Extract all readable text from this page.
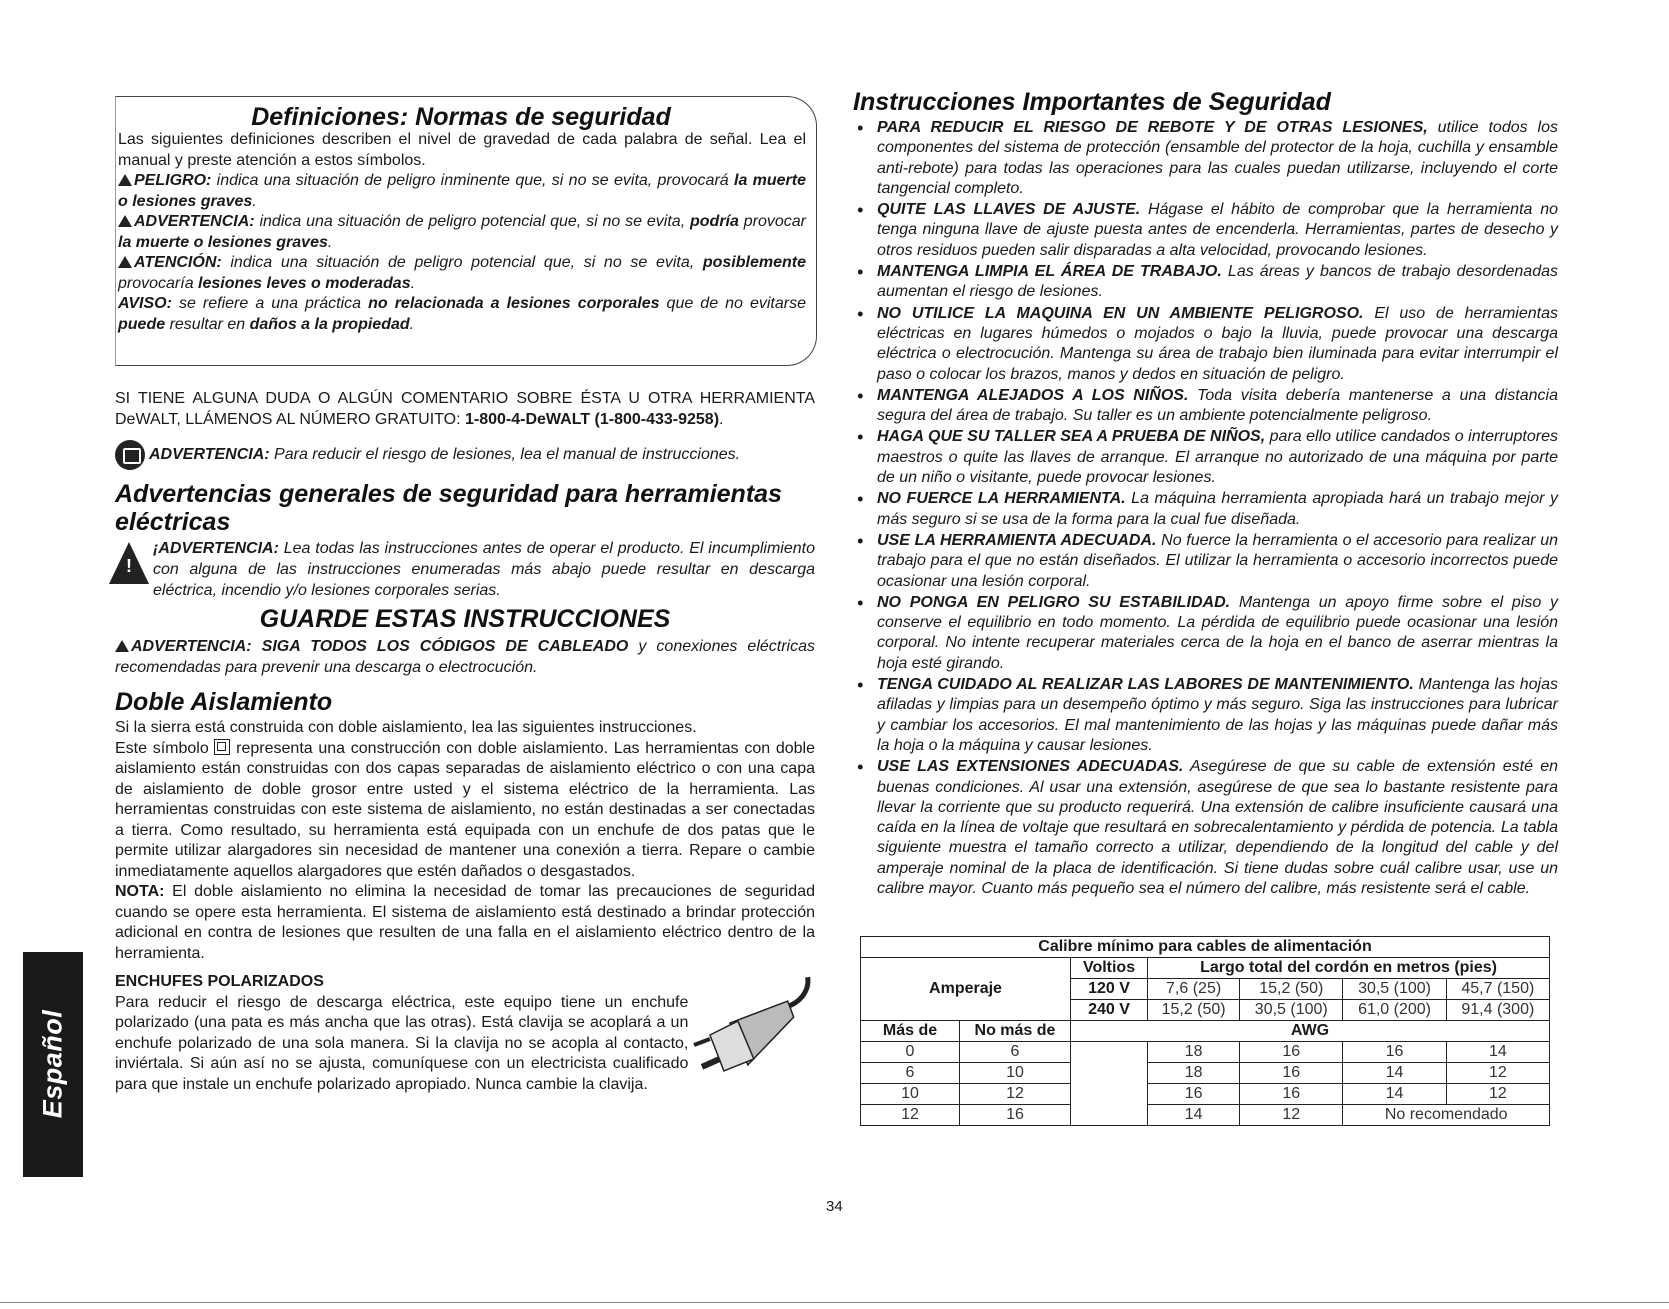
Definiciones: Normas de seguridad

Las siguientes definiciones describen el nivel de gravedad de cada palabra de señal. Lea el manual y preste atención a estos símbolos.

PELIGRO: indica una situación de peligro inminente que, si no se evita, provocará la muerte o lesiones graves.

ADVERTENCIA: indica una situación de peligro potencial que, si no se evita, podría provocar la muerte o lesiones graves.

ATENCIÓN: indica una situación de peligro potencial que, si no se evita, posiblemente provocaría lesiones leves o moderadas.

AVISO: se refiere a una práctica no relacionada a lesiones corporales que de no evitarse puede resultar en daños a la propiedad.

SI TIENE ALGUNA DUDA O ALGÚN COMENTARIO SOBRE ÉSTA U OTRA HERRAMIENTA DeWALT, LLÁMENOS AL NÚMERO GRATUITO: 1-800-4-DeWALT (1-800-433-9258).

ADVERTENCIA: Para reducir el riesgo de lesiones, lea el manual de instrucciones.

Advertencias generales de seguridad para herramientas eléctricas
!

¡ADVERTENCIA: Lea todas las instrucciones antes de operar el producto. El incumplimiento con alguna de las instrucciones enumeradas más abajo puede resultar en descarga eléctrica, incendio y/o lesiones corporales serias.

GUARDE ESTAS INSTRUCCIONES

ADVERTENCIA: SIGA TODOS LOS CÓDIGOS DE CABLEADO y conexiones eléctricas recomendadas para prevenir una descarga o electrocución.

Doble Aislamiento

Si la sierra está construida con doble aislamiento, lea las siguientes instrucciones.

Este símbolo  representa una construcción con doble aislamiento. Las herramientas con doble aislamiento están construidas con dos capas separadas de aislamiento eléctrico o con una capa de aislamiento de doble grosor entre usted y el sistema eléctrico de la herramienta. Las herramientas construidas con este sistema de aislamiento, no están destinadas a ser conectadas a tierra. Como resultado, su herramienta está equipada con un enchufe de dos patas que le permite utilizar alargadores sin necesidad de mantener una conexión a tierra. Repare o cambie inmediatamente aquellos alargadores que estén dañados o desgastados.

NOTA: El doble aislamiento no elimina la necesidad de tomar las precauciones de seguridad cuando se opere esta herramienta. El sistema de aislamiento está destinado a brindar protección adicional en contra de lesiones que resulten de una falla en el aislamiento eléctrico dentro de la herramienta.

ENCHUFES POLARIZADOS

Para reducir el riesgo de descarga eléctrica, este equipo tiene un enchufe polarizado (una pata es más ancha que las otras). Está clavija se acoplará a un enchufe polarizado de una sola manera. Si la clavija no se acopla al contacto, inviértala. Si aún así no se ajusta, comuníquese con un electricista cualificado para que instale un enchufe polarizado apropiado. Nunca cambie la clavija.

Instrucciones Importantes de Seguridad
• PARA REDUCIR EL RIESGO DE REBOTE Y DE OTRAS LESIONES, utilice todos los componentes del sistema de protección (ensamble del protector de la hoja, cuchilla y ensamble anti-rebote) para todas las operaciones para las cuales puedan utilizarse, incluyendo el corte tangencial completo.
• QUITE LAS LLAVES DE AJUSTE. Hágase el hábito de comprobar que la herramienta no tenga ninguna llave de ajuste puesta antes de encenderla. Herramientas, partes de desecho y otros residuos pueden salir disparadas a alta velocidad, provocando lesiones.
• MANTENGA LIMPIA EL ÁREA DE TRABAJO. Las áreas y bancos de trabajo desordenadas aumentan el riesgo de lesiones.
• NO UTILICE LA MAQUINA EN UN AMBIENTE PELIGROSO. El uso de herramientas eléctricas en lugares húmedos o mojados o bajo la lluvia, puede provocar una descarga eléctrica o electrocución. Mantenga su área de trabajo bien iluminada para evitar interrumpir el paso o colocar los brazos, manos y dedos en situación de peligro.
• MANTENGA ALEJADOS A LOS NIÑOS. Toda visita debería mantenerse a una distancia segura del área de trabajo. Su taller es un ambiente potencialmente peligroso.
• HAGA QUE SU TALLER SEA A PRUEBA DE NIÑOS, para ello utilice candados o interruptores maestros o quite las llaves de arranque. El arranque no autorizado de una máquina por parte de un niño o visitante, puede provocar lesiones.
• NO FUERCE LA HERRAMIENTA. La máquina herramienta apropiada hará un trabajo mejor y más seguro si se usa de la forma para la cual fue diseñada.
• USE LA HERRAMIENTA ADECUADA. No fuerce la herramienta o el accesorio para realizar un trabajo para el que no están diseñados. El utilizar la herramienta o accesorio incorrectos puede ocasionar una lesión corporal.
• NO PONGA EN PELIGRO SU ESTABILIDAD. Mantenga un apoyo firme sobre el piso y conserve el equilibrio en todo momento. La pérdida de equilibrio puede ocasionar una lesión corporal. No intente recuperar materiales cerca de la hoja en el banco de aserrar mientras la hoja esté girando.
• TENGA CUIDADO AL REALIZAR LAS LABORES DE MANTENIMIENTO. Mantenga las hojas afiladas y limpias para un desempeño óptimo y más seguro. Siga las instrucciones para lubricar y cambiar los accesorios. El mal mantenimiento de las hojas y las máquinas puede dañar más la hoja o la máquina y causar lesiones.
• USE LAS EXTENSIONES ADECUADAS. Asegúrese de que su cable de extensión esté en buenas condiciones. Al usar una extensión, asegúrese de que sea lo bastante resistente para llevar la corriente que su producto requerirá. Una extensión de calibre insuficiente causará una caída en la línea de voltaje que resultará en sobrecalentamiento y pérdida de potencia. La tabla siguiente muestra el tamaño correcto a utilizar, dependiendo de la longitud del cable y del amperaje nominal de la placa de identificación. Si tiene dudas sobre cuál calibre usar, use un calibre mayor. Cuanto más pequeño sea el número del calibre, más resistente será el cable.
Calibre mínimo para cables de alimentación						
Amperaje		Voltios	Largo total del cordón en metros (pies)			
		120 V	7,6 (25)	15,2 (50)	30,5 (100)	45,7 (150)
		240 V	15,2 (50)	30,5 (100)	61,0 (200)	91,4 (300)
Más de	No más de	AWG				
0	6		18	16	16	14
6	10		18	16	14	12
10	12		16	16	14	12
12	16		14	12	No recomendado	
Español
34
